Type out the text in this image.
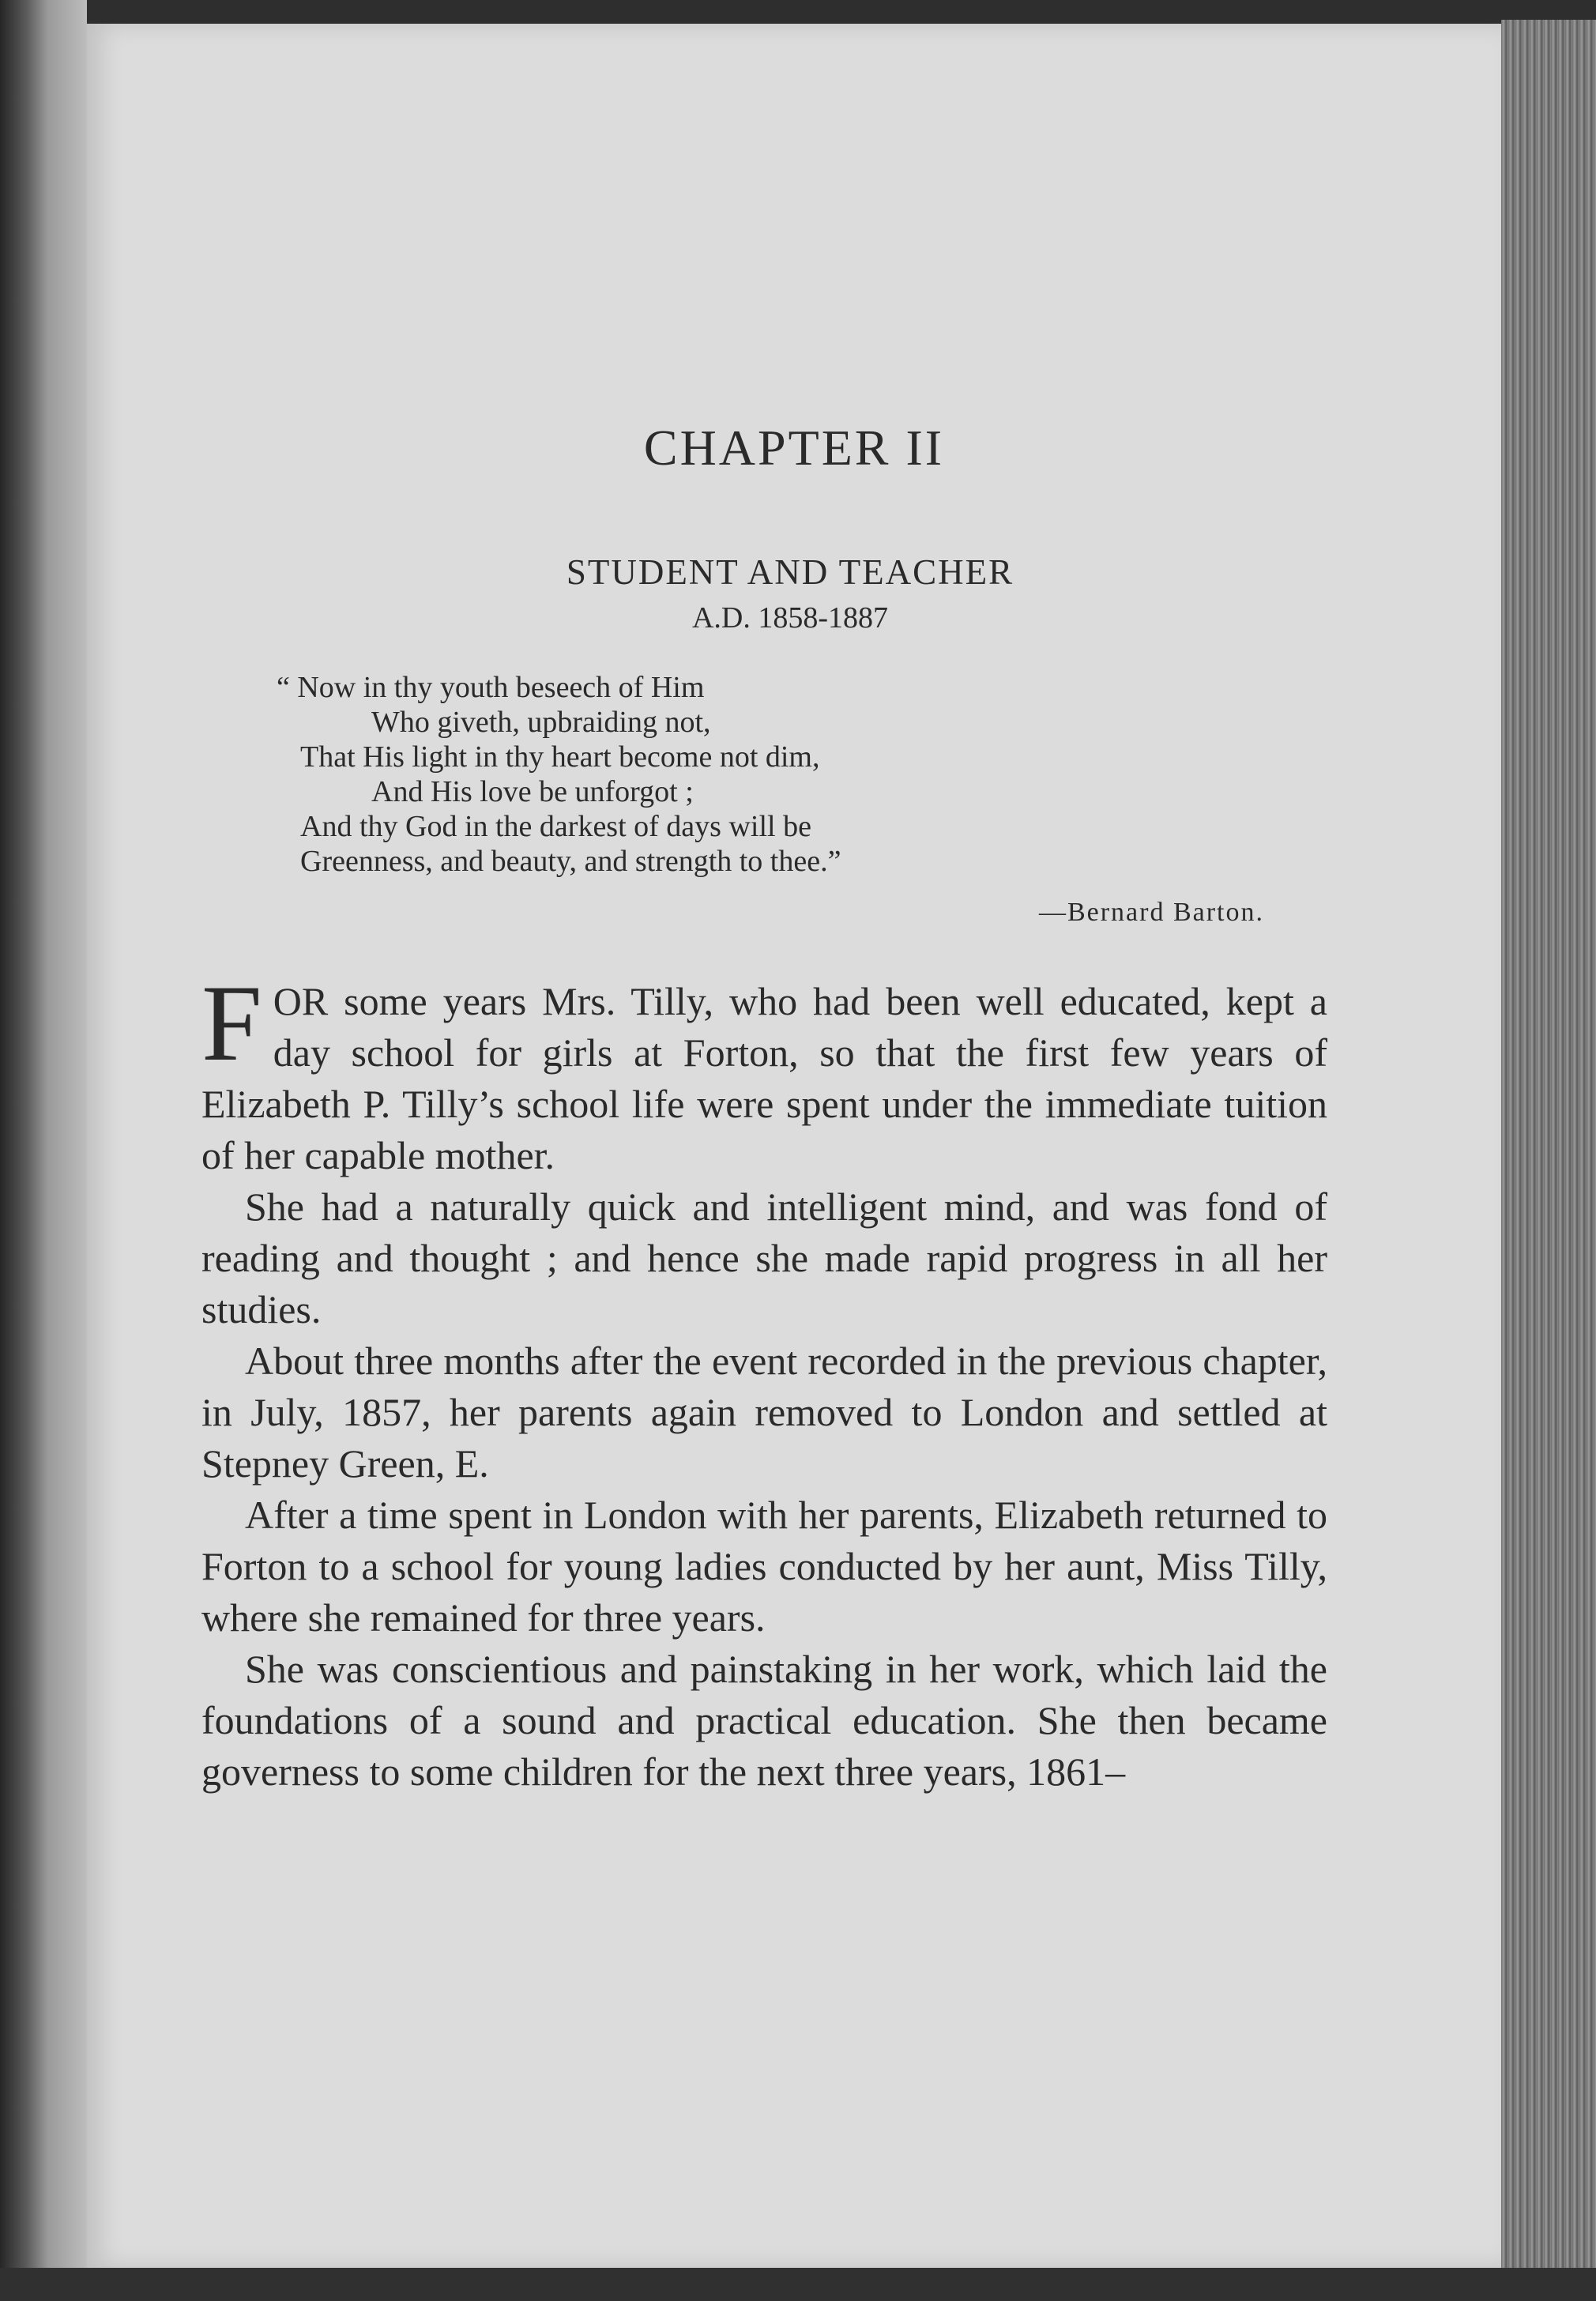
CHAPTER II
STUDENT AND TEACHER
A.D. 1858-1887
“ Now in thy youth beseech of Him
Who giveth, upbraiding not,
That His light in thy heart become not dim,
And His love be unforgot ;
And thy God in the darkest of days will be
Greenness, and beauty, and strength to thee.”
—Bernard Barton.

F OR some years Mrs. Tilly, who had been well educated, kept a day school for girls at Forton, so that the first few years of Elizabeth P. Tilly’s school life were spent under the immediate tuition of her capable mother.

She had a naturally quick and intelligent mind, and was fond of reading and thought ; and hence she made rapid progress in all her studies.

About three months after the event recorded in the previous chapter, in July, 1857, her parents again removed to London and settled at Stepney Green, E.

After a time spent in London with her parents, Elizabeth returned to Forton to a school for young ladies conducted by her aunt, Miss Tilly, where she remained for three years.

She was conscientious and painstaking in her work, which laid the foundations of a sound and practical education. She then became governess to some children for the next three years, 1861–
